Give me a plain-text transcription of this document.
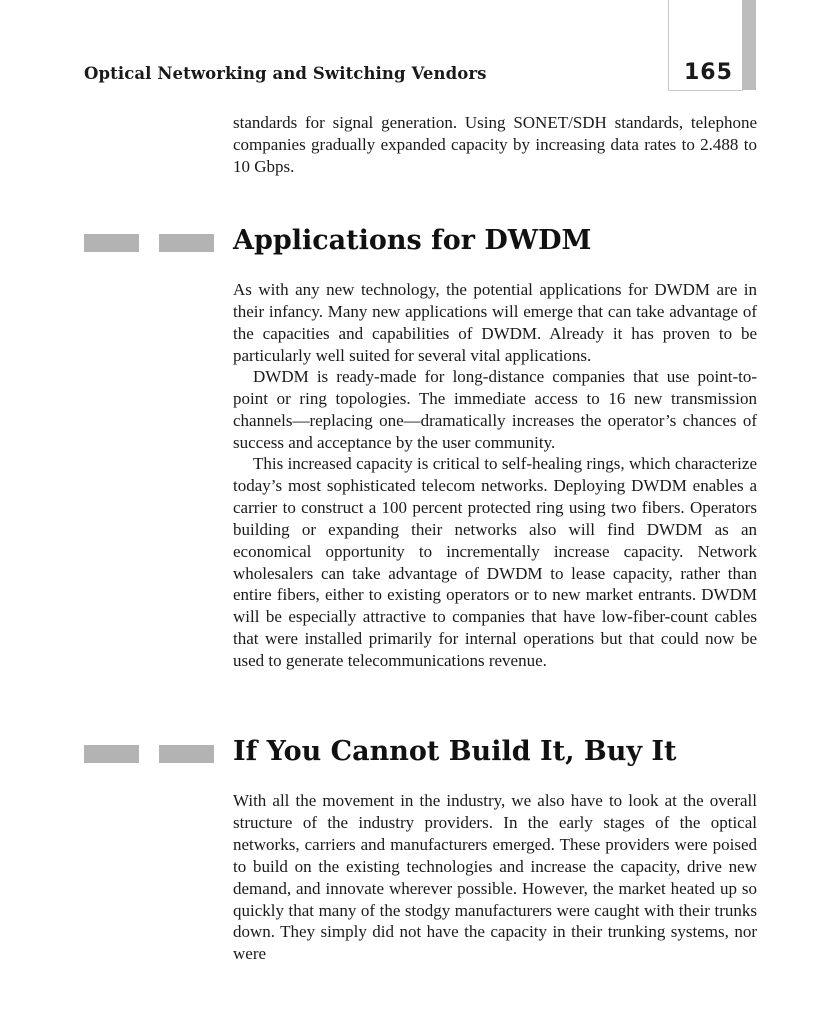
Optical Networking and Switching Vendors	165

standards for signal generation. Using SONET/SDH standards, telephone companies gradually expanded capacity by increasing data rates to 2.488 to 10 Gbps.

Applications for DWDM

As with any new technology, the potential applications for DWDM are in their infancy. Many new applications will emerge that can take advantage of the capacities and capabilities of DWDM. Already it has proven to be particularly well suited for several vital applications.

DWDM is ready-made for long-distance companies that use point-to-point or ring topologies. The immediate access to 16 new transmission channels—replacing one—dramatically increases the operator’s chances of success and acceptance by the user community.

This increased capacity is critical to self-healing rings, which characterize today’s most sophisticated telecom networks. Deploying DWDM enables a carrier to construct a 100 percent protected ring using two fibers. Operators building or expanding their networks also will find DWDM as an economical opportunity to incrementally increase capacity. Network wholesalers can take advantage of DWDM to lease capacity, rather than entire fibers, either to existing operators or to new market entrants. DWDM will be especially attractive to companies that have low-fiber-count cables that were installed primarily for internal operations but that could now be used to generate telecommunications revenue.

If You Cannot Build It, Buy It

With all the movement in the industry, we also have to look at the overall structure of the industry providers. In the early stages of the optical networks, carriers and manufacturers emerged. These providers were poised to build on the existing technologies and increase the capacity, drive new demand, and innovate wherever possible. However, the market heated up so quickly that many of the stodgy manufacturers were caught with their trunks down. They simply did not have the capacity in their trunking systems, nor were
